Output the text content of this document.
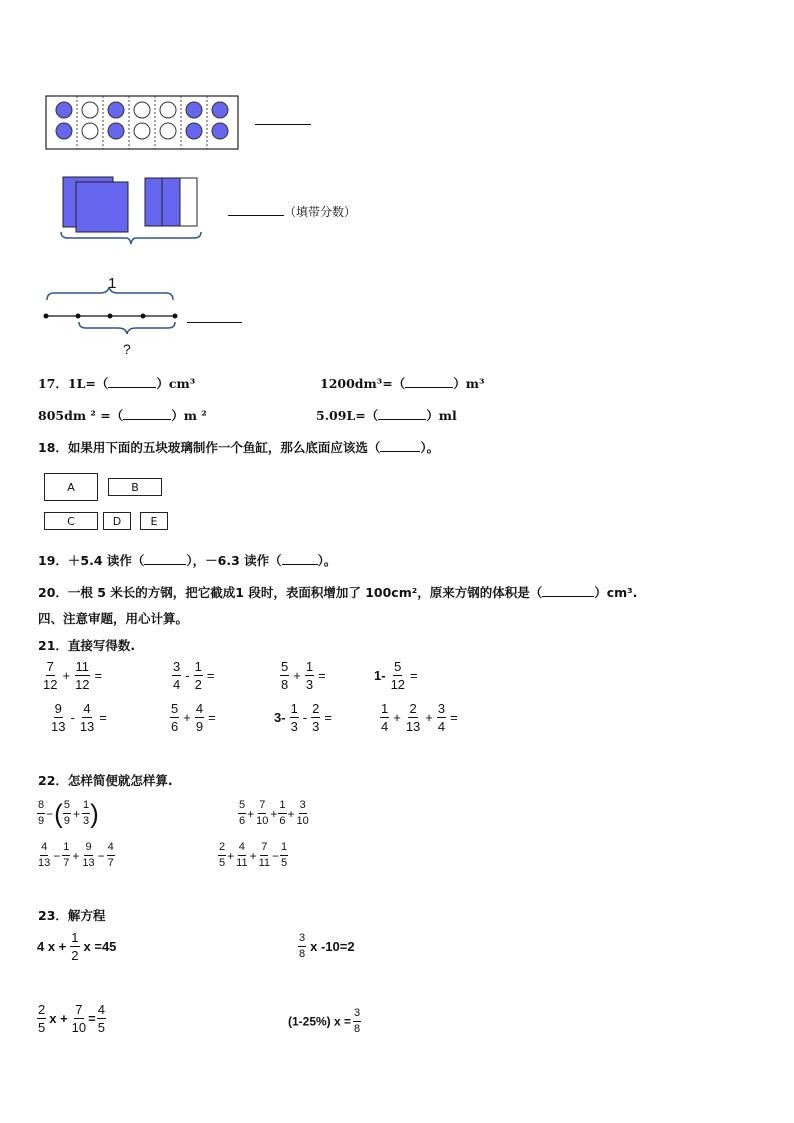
（填带分数）
1
?
17．1L=（	）cm³	1200dm³=（	）m³
805dm ² =（	）m ²	5.09L=（	）ml
18．如果用下面的五块玻璃制作一个鱼缸，那么底面应该选（	）。
A	B
C	D	E
19．＋5.4 读作（	），－6.3 读作（	）。
20．一根 5 米长的方钢，把它截成1 段时，表面积增加了 100cm²，原来方钢的体积是（	）cm³.
四、注意审题，用心计算。
21．直接写得数.
$\frac{7}{12} + \frac{11}{12}$ =	$\frac{3}{4} - \frac{1}{2}$ =	$\frac{5}{8} + \frac{1}{3}$ =	$1- \frac{5}{12}$ =
$\frac{9}{13} - \frac{4}{13}$ =	$\frac{5}{6} + \frac{4}{9}$ =	$3- \frac{1}{3} - \frac{2}{3}$ =	$\frac{1}{4} + \frac{2}{13} + \frac{3}{4}$ =
22．怎样简便就怎样算.
$\frac{8}{9}$ −( $\frac{5}{9} + \frac{1}{3}$ )	$\frac{5}{6} + \frac{7}{10} + \frac{1}{6} + \frac{3}{10}$
$\frac{4}{13} - \frac{1}{7} + \frac{9}{13} - \frac{4}{7}$	$\frac{2}{5} + \frac{4}{11} + \frac{7}{11} - \frac{1}{5}$
23．解方程
4 $x + \frac{1}{2}$ x =45	$\frac{3}{8}$ x -10=2
$\frac{2}{5}$ $x + \frac{7}{10} = \frac{4}{5}$	(1-25%) $x = \frac{3}{8}$
